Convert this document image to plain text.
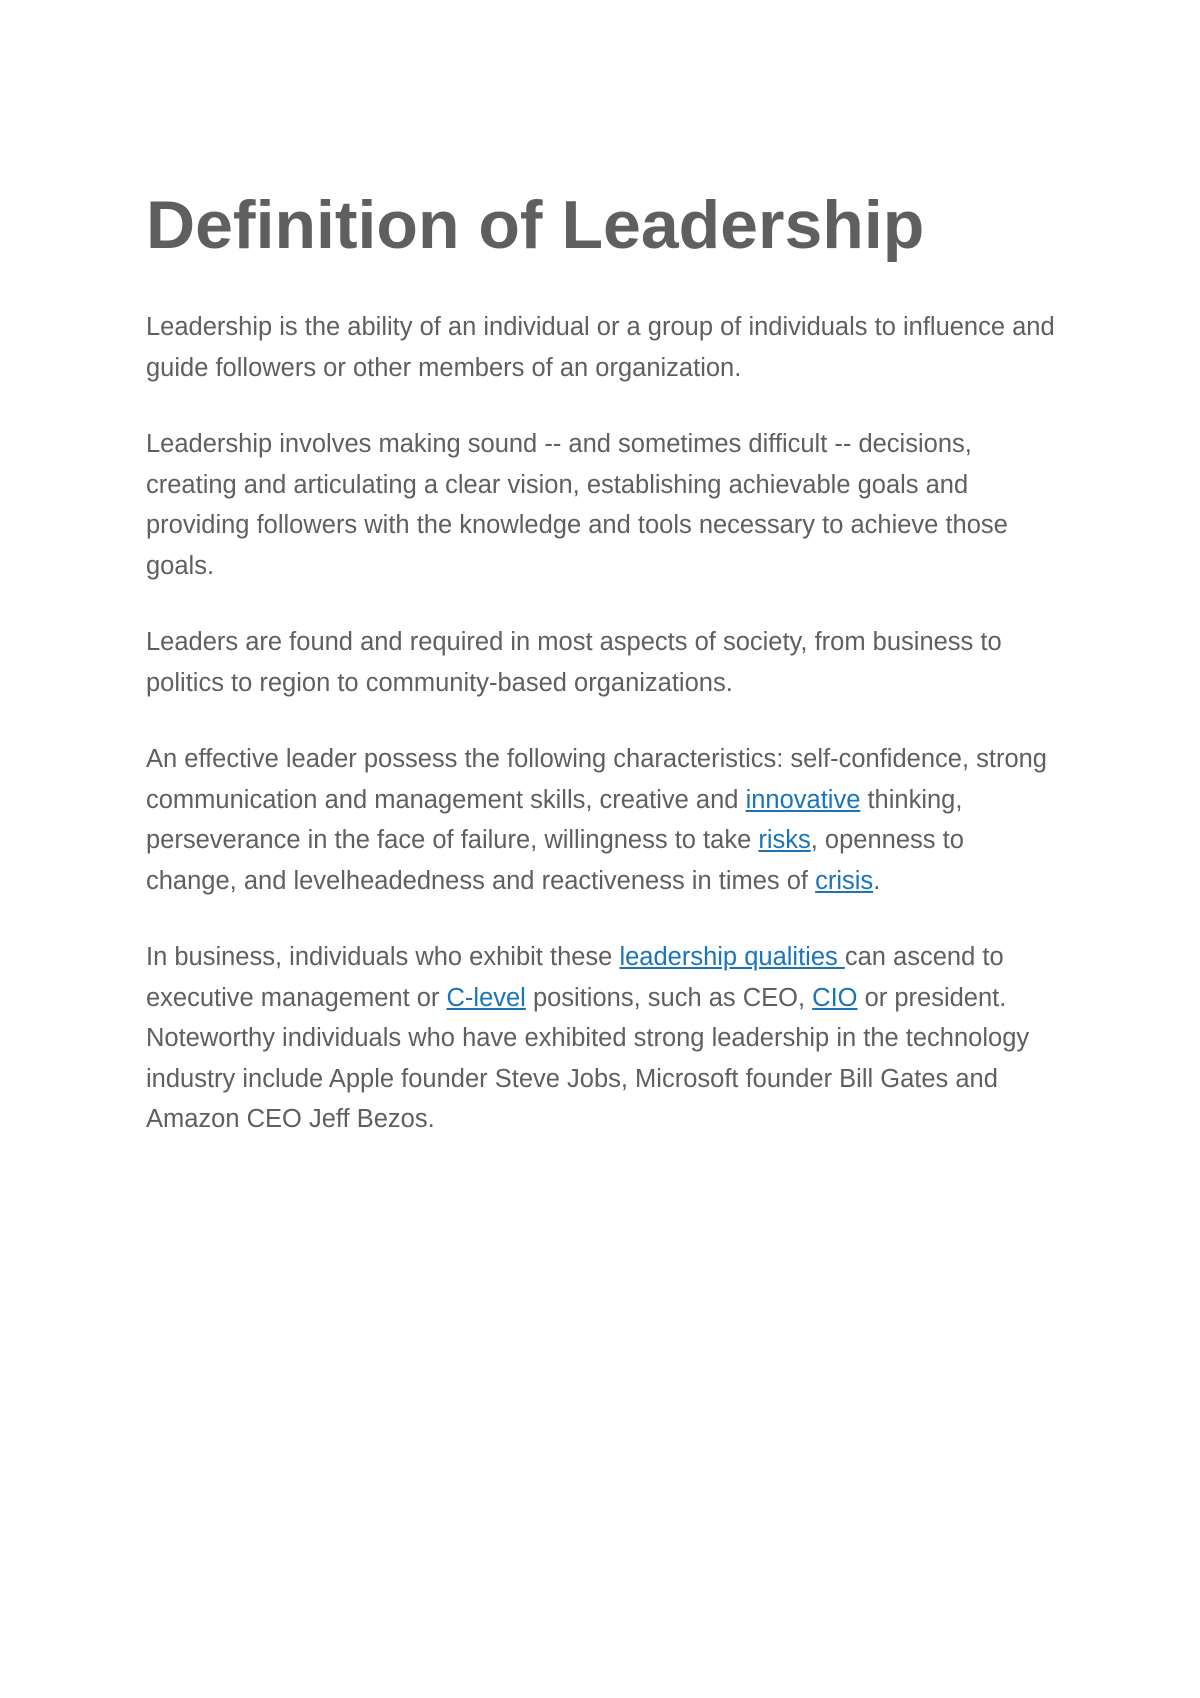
Definition of Leadership

Leadership is the ability of an individual or a group of individuals to influence and guide followers or other members of an organization.

Leadership involves making sound -- and sometimes difficult -- decisions, creating and articulating a clear vision, establishing achievable goals and providing followers with the knowledge and tools necessary to achieve those goals.

Leaders are found and required in most aspects of society, from business to politics to region to community-based organizations.

An effective leader possess the following characteristics: self-confidence, strong communication and management skills, creative and innovative thinking, perseverance in the face of failure, willingness to take risks, openness to change, and levelheadedness and reactiveness in times of crisis.

In business, individuals who exhibit these leadership qualities can ascend to executive management or C-level positions, such as CEO, CIO or president. Noteworthy individuals who have exhibited strong leadership in the technology industry include Apple founder Steve Jobs, Microsoft founder Bill Gates and Amazon CEO Jeff Bezos.
